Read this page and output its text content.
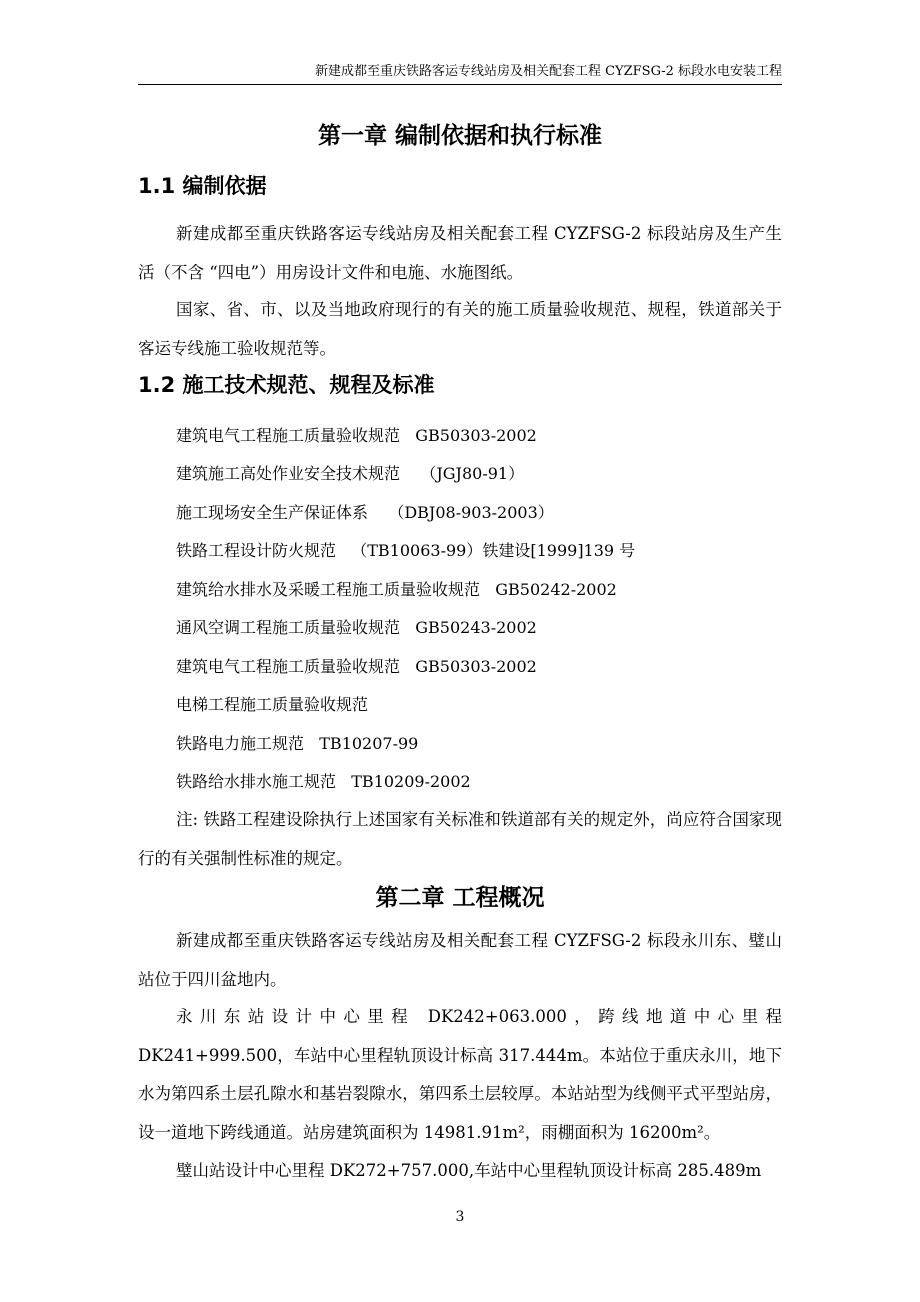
新建成都至重庆铁路客运专线站房及相关配套工程 CYZFSG-2 标段水电安装工程
第一章 编制依据和执行标准
1.1 编制依据
新建成都至重庆铁路客运专线站房及相关配套工程 CYZFSG-2 标段站房及生产生活（不含 “四电”）用房设计文件和电施、水施图纸。
国家、省、市、以及当地政府现行的有关的施工质量验收规范、规程，铁道部关于客运专线施工验收规范等。
1.2 施工技术规范、规程及标准
建筑电气工程施工质量验收规范   GB50303-2002
建筑施工高处作业安全技术规范    （JGJ80-91）
施工现场安全生产保证体系    （DBJ08-903-2003）
铁路工程设计防火规范   （TB10063-99）铁建设[1999]139 号
建筑给水排水及采暖工程施工质量验收规范   GB50242-2002
通风空调工程施工质量验收规范   GB50243-2002
建筑电气工程施工质量验收规范   GB50303-2002
电梯工程施工质量验收规范
铁路电力施工规范   TB10207-99
铁路给水排水施工规范   TB10209-2002
注: 铁路工程建设除执行上述国家有关标准和铁道部有关的规定外，尚应符合国家现行的有关强制性标准的规定。
第二章 工程概况
新建成都至重庆铁路客运专线站房及相关配套工程 CYZFSG-2 标段永川东、璧山站位于四川盆地内。
永川东站设计中心里程 DK242+063.000，跨线地道中心里程 DK241+999.500，车站中心里程轨顶设计标高 317.444m。本站位于重庆永川，地下水为第四系土层孔隙水和基岩裂隙水，第四系土层较厚。本站站型为线侧平式平型站房，设一道地下跨线通道。站房建筑面积为 14981.91m²，雨棚面积为 16200m²。
璧山站设计中心里程 DK272+757.000,车站中心里程轨顶设计标高 285.489m
3
